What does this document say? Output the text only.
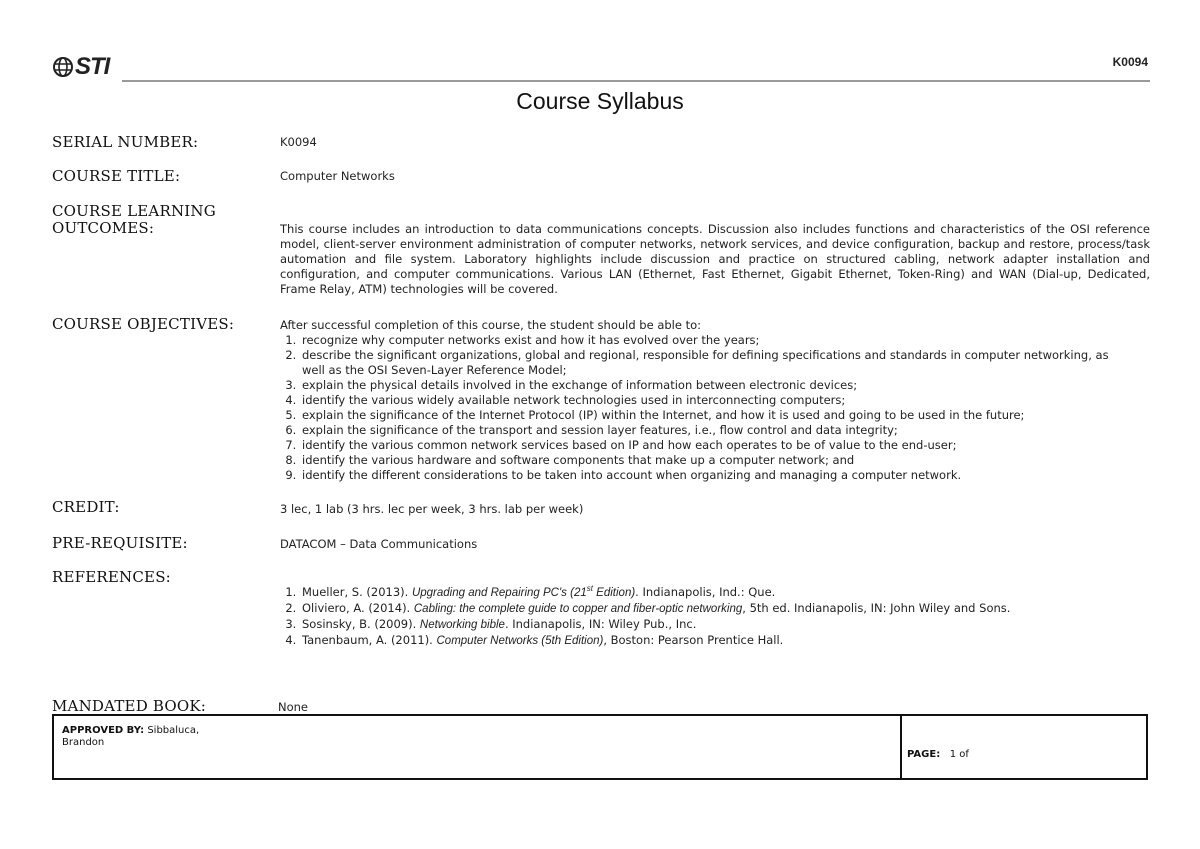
STI	K0094
Course Syllabus
SERIAL NUMBER:	K0094
COURSE TITLE:	Computer Networks
COURSE LEARNING
OUTCOMES:	This course includes an introduction to data communications concepts. Discussion also includes functions and characteristics of the OSI reference model, client-server environment administration of computer networks, network services, and device configuration, backup and restore, process/task automation and file system. Laboratory highlights include discussion and practice on structured cabling, network adapter installation and configuration, and computer communications. Various LAN (Ethernet, Fast Ethernet, Gigabit Ethernet, Token-Ring) and WAN (Dial-up, Dedicated, Frame Relay, ATM) technologies will be covered.
COURSE OBJECTIVES:	After successful completion of this course, the student should be able to:
1. recognize why computer networks exist and how it has evolved over the years;
2. describe the significant organizations, global and regional, responsible for defining specifications and standards in computer networking, as well as the OSI Seven-Layer Reference Model;
3. explain the physical details involved in the exchange of information between electronic devices;
4. identify the various widely available network technologies used in interconnecting computers;
5. explain the significance of the Internet Protocol (IP) within the Internet, and how it is used and going to be used in the future;
6. explain the significance of the transport and session layer features, i.e., flow control and data integrity;
7. identify the various common network services based on IP and how each operates to be of value to the end-user;
8. identify the various hardware and software components that make up a computer network; and
9. identify the different considerations to be taken into account when organizing and managing a computer network.
CREDIT:	3 lec, 1 lab (3 hrs. lec per week, 3 hrs. lab per week)
PRE-REQUISITE:	DATACOM – Data Communications
REFERENCES:
1. Mueller, S. (2013). Upgrading and Repairing PC's (21st Edition). Indianapolis, Ind.: Que.
2. Oliviero, A. (2014). Cabling: the complete guide to copper and fiber-optic networking, 5th ed. Indianapolis, IN: John Wiley and Sons.
3. Sosinsky, B. (2009). Networking bible. Indianapolis, IN: Wiley Pub., Inc.
4. Tanenbaum, A. (2011). Computer Networks (5th Edition), Boston: Pearson Prentice Hall.
MANDATED BOOK:	None
APPROVED BY: Sibbaluca, Brandon
PAGE: 1 of
